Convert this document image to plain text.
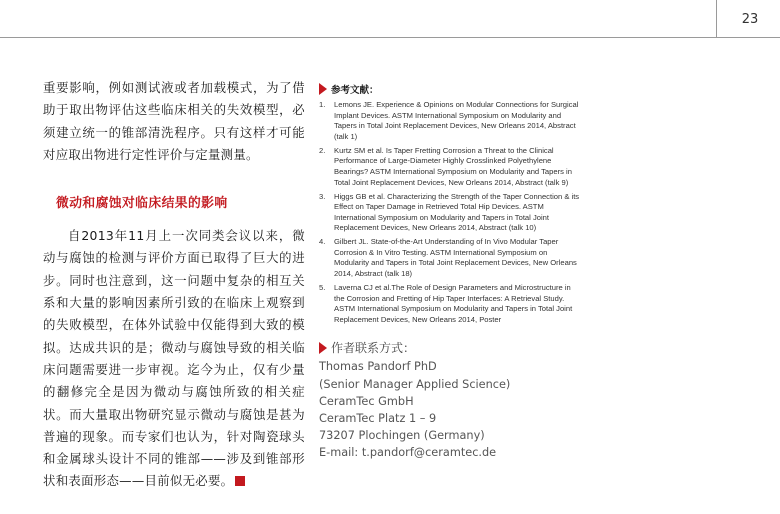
23

重要影响，例如测试液或者加载模式，为了借助于取出物评估这些临床相关的失效模型，必须建立统一的锥部清洗程序。只有这样才可能对应取出物进行定性评价与定量测量。

微动和腐蚀对临床结果的影响

自2013年11月上一次同类会议以来，微动与腐蚀的检测与评价方面已取得了巨大的进步。同时也注意到，这一问题中复杂的相互关系和大量的影响因素所引致的在临床上观察到的失败模型，在体外试验中仅能得到大致的模拟。达成共识的是；微动与腐蚀导致的相关临床问题需要进一步审视。迄今为止，仅有少量的翻修完全是因为微动与腐蚀所致的相关症状。而大量取出物研究显示微动与腐蚀是甚为普遍的现象。而专家们也认为，针对陶瓷球头和金属球头设计不同的锥部——涉及到锥部形状和表面形态——目前似无必要。

参考文献：
1.	Lemons JE. Experience & Opinions on Modular Connections for Surgical Implant Devices. ASTM International Symposium on Modularity and Tapers in Total Joint Replacement Devices, New Orleans 2014, Abstract (talk 1)
2.	Kurtz SM et al. Is Taper Fretting Corrosion a Threat to the Clinical Performance of Large-Diameter Highly Crosslinked Polyethylene Bearings? ASTM International Symposium on Modularity and Tapers in Total Joint Replacement Devices, New Orleans 2014, Abstract (talk 9)
3.	Higgs GB et al. Characterizing the Strength of the Taper Connection & its Effect on Taper Damage in Retrieved Total Hip Devices. ASTM International Symposium on Modularity and Tapers in Total Joint Replacement Devices, New Orleans 2014, Abstract (talk 10)
4.	Gilbert JL. State-of-the-Art Understanding of In Vivo Modular Taper Corrosion & In Vitro Testing. ASTM International Symposium on Modularity and Tapers in Total Joint Replacement Devices, New Orleans 2014, Abstract (talk 18)
5.	Laverna CJ et al.The Role of Design Parameters and Microstructure in the Corrosion and Fretting of Hip Taper Interfaces: A Retrieval Study. ASTM International Symposium on Modularity and Tapers in Total Joint Replacement Devices, New Orleans 2014, Poster
作者联系方式：
Thomas Pandorf PhD
(Senior Manager Applied Science)
CeramTec GmbH
CeramTec Platz 1 – 9
73207 Plochingen (Germany)
E-mail: t.pandorf@ceramtec.de
